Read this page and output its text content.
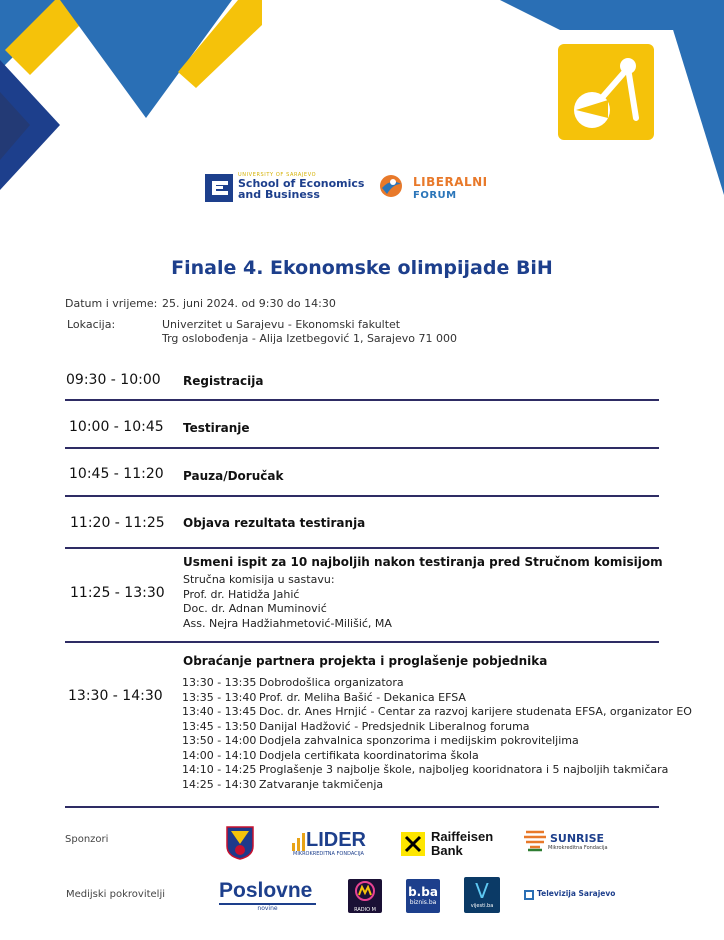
UNIVERSITY OF SARAJEVO
School of Economics
and Business
LIBERALNI
FORUM
Finale 4. Ekonomske olimpijade BiH
Datum i vrijeme: 25. juni 2024. od 9:30 do 14:30
Lokacija:	Univerzitet u Sarajevu - Ekonomski fakultet
Trg oslobođenja - Alija Izetbegović 1, Sarajevo 71 000
09:30 - 10:00 Registracija
10:00 - 10:45 Testiranje
10:45 - 11:20 Pauza/Doručak
11:20 - 11:25 Objava rezultata testiranja
11:25 - 13:30
Usmeni ispit za 10 najboljih nakon testiranja pred Stručnom komisijom
Stručna komisija u sastavu:
Prof. dr. Hatidža Jahić
Doc. dr. Adnan Muminović
Ass. Nejra Hadžiahmetović-Milišić, MA
13:30 - 14:30
Obraćanje partnera projekta i proglašenje pobjednika
13:30 - 13:35 Dobrodošlica organizatora
13:35 - 13:40 Prof. dr. Meliha Bašić - Dekanica EFSA
13:40 - 13:45 Doc. dr. Anes Hrnjić - Centar za razvoj karijere studenata EFSA, organizator EO
13:45 - 13:50 Danijal Hadžović - Predsjednik Liberalnog foruma
13:50 - 14:00 Dodjela zahvalnica sponzorima i medijskim pokroviteljima
14:00 - 14:10 Dodjela certifikata koordinatorima škola
14:10 - 14:25 Proglašenje 3 najbolje škole, najboljeg kooridnatora i 5 najboljih takmičara
14:25 - 14:30 Zatvaranje takmičenja
Sponzori	LIDER
MIKROKREDITNA FONDACIJA
Raiffeisen
Bank
SUNRISE
Mikrokreditna Fondacija
Medijski pokrovitelji	Poslovne
novine	RADIO M
b.ba
biznis.ba	V
vijesti.ba
Televizija Sarajevo
